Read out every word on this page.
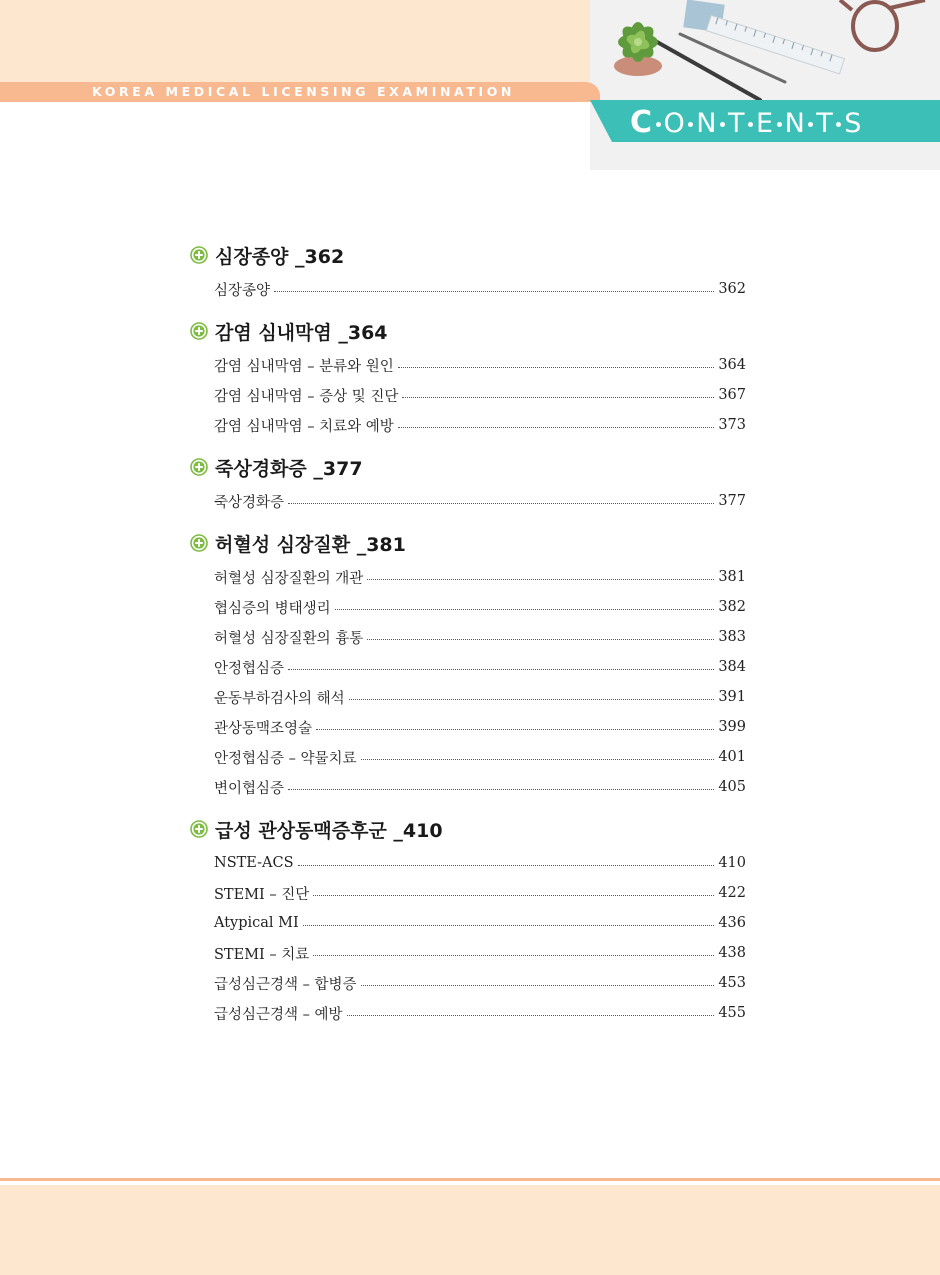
KOREA MEDICAL LICENSING EXAMINATION
C O N T E N T S
심장종양 _362
심장종양	362
감염 심내막염 _364
감염 심내막염 – 분류와 원인	364
감염 심내막염 – 증상 및 진단	367
감염 심내막염 – 치료와 예방	373
죽상경화증 _377
죽상경화증	377
허혈성 심장질환 _381
허혈성 심장질환의 개관	381
협심증의 병태생리	382
허혈성 심장질환의 흉통	383
안정협심증	384
운동부하검사의 해석	391
관상동맥조영술	399
안정협심증 – 약물치료	401
변이협심증	405
급성 관상동맥증후군 _410
NSTE-ACS	410
STEMI – 진단	422
Atypical MI	436
STEMI – 치료	438
급성심근경색 – 합병증	453
급성심근경색 – 예방	455
